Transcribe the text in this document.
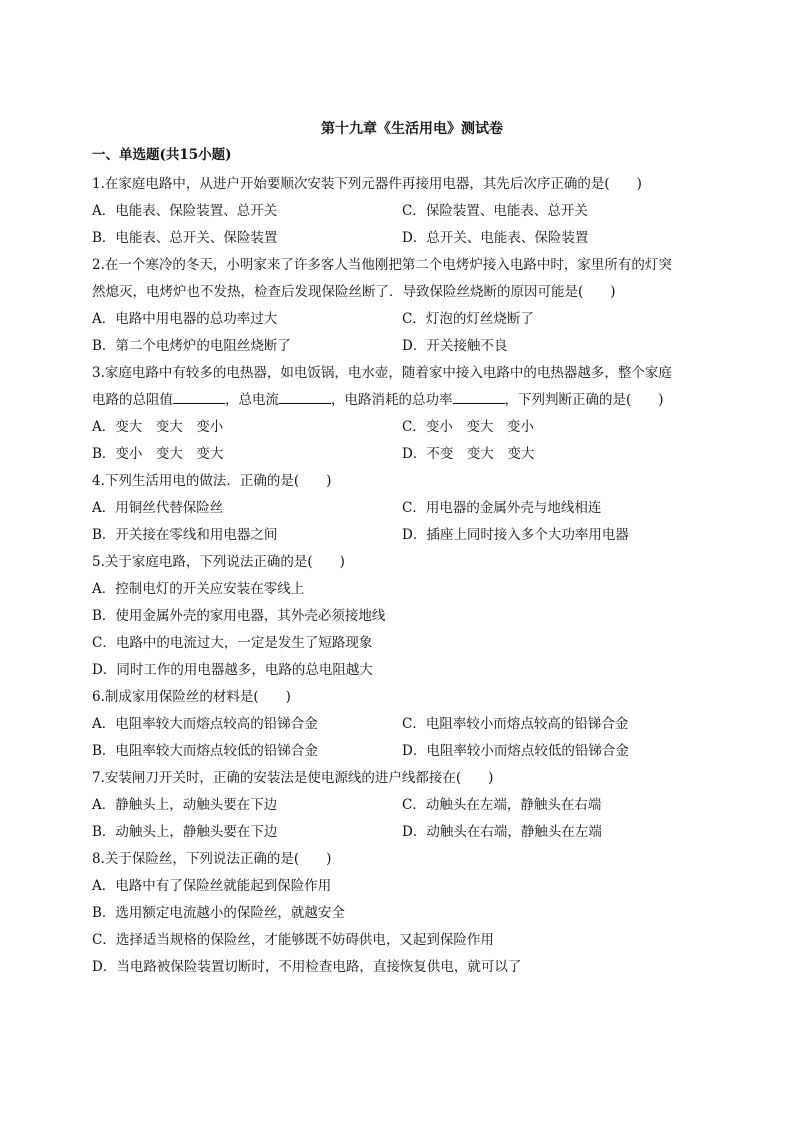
第十九章《生活用电》测试卷
一、单选题(共15小题)
1.在家庭电路中，从进户开始要顺次安装下列元器件再接用电器，其先后次序正确的是(　　)
A．电能表、保险装置、总开关	C．保险装置、电能表、总开关
B．电能表、总开关、保险装置	D．总开关、电能表、保险装置
2.在一个寒冷的冬天，小明家来了许多客人当他刚把第二个电烤炉接入电路中时，家里所有的灯突
然熄灭，电烤炉也不发热，检查后发现保险丝断了．导致保险丝烧断的原因可能是(　　)
A．电路中用电器的总功率过大	C．灯泡的灯丝烧断了
B．第二个电烤炉的电阻丝烧断了	D．开关接触不良
3.家庭电路中有较多的电热器，如电饭锅，电水壶，随着家中接入电路中的电热器越多，整个家庭
电路的总阻值	，总电流	，电路消耗的总功率	，下列判断正确的是(　　)
A．变大　变大　变小	C．变小　变大　变小
B．变小　变大　变大	D．不变　变大　变大
4.下列生活用电的做法．正确的是(　　)
A．用铜丝代替保险丝	C．用电器的金属外壳与地线相连
B．开关接在零线和用电器之间	D．插座上同时接入多个大功率用电器
5.关于家庭电路，下列说法正确的是(　　)
A．控制电灯的开关应安装在零线上
B．使用金属外壳的家用电器，其外壳必须接地线
C．电路中的电流过大，一定是发生了短路现象
D．同时工作的用电器越多，电路的总电阻越大
6.制成家用保险丝的材料是(　　)
A．电阻率较大而熔点较高的铅锑合金	C．电阻率较小而熔点较高的铅锑合金
B．电阻率较大而熔点较低的铅锑合金	D．电阻率较小而熔点较低的铅锑合金
7.安装闸刀开关时，正确的安装法是使电源线的进户线都接在(　　)
A．静触头上，动触头要在下边	C．动触头在左端，静触头在右端
B．动触头上，静触头要在下边	D．动触头在右端，静触头在左端
8.关于保险丝，下列说法正确的是(　　)
A．电路中有了保险丝就能起到保险作用
B．选用额定电流越小的保险丝，就越安全
C．选择适当规格的保险丝，才能够既不妨碍供电，又起到保险作用
D．当电路被保险装置切断时，不用检查电路，直接恢复供电，就可以了
